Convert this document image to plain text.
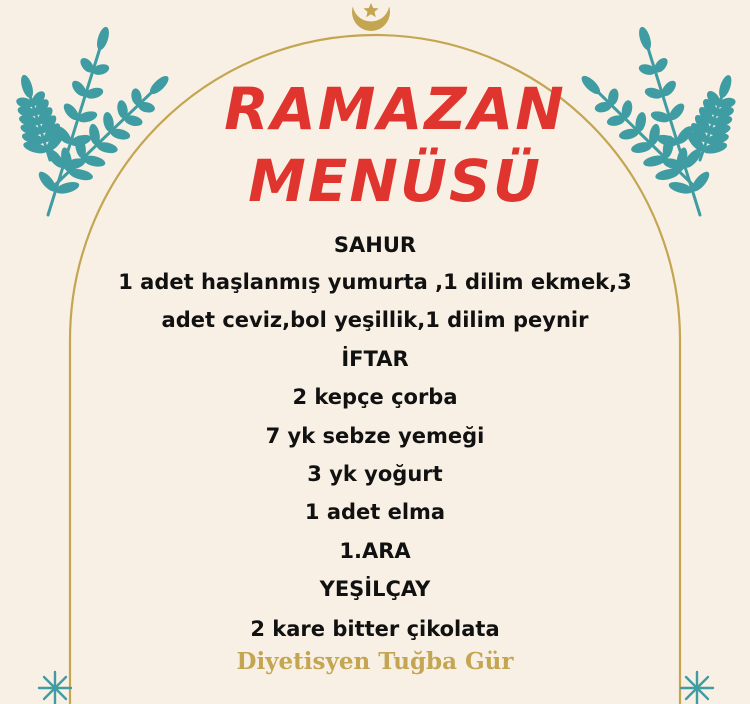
RAMAZAN
MENÜSÜ
SAHUR
1 adet haşlanmış yumurta ,1 dilim ekmek,3
adet ceviz,bol yeşillik,1 dilim peynir
İFTAR
2 kepçe çorba
7 yk sebze yemeği
3 yk yoğurt
1 adet elma
1.ARA
YEŞİLÇAY
2 kare bitter çikolata
Diyetisyen Tuğba Gür
